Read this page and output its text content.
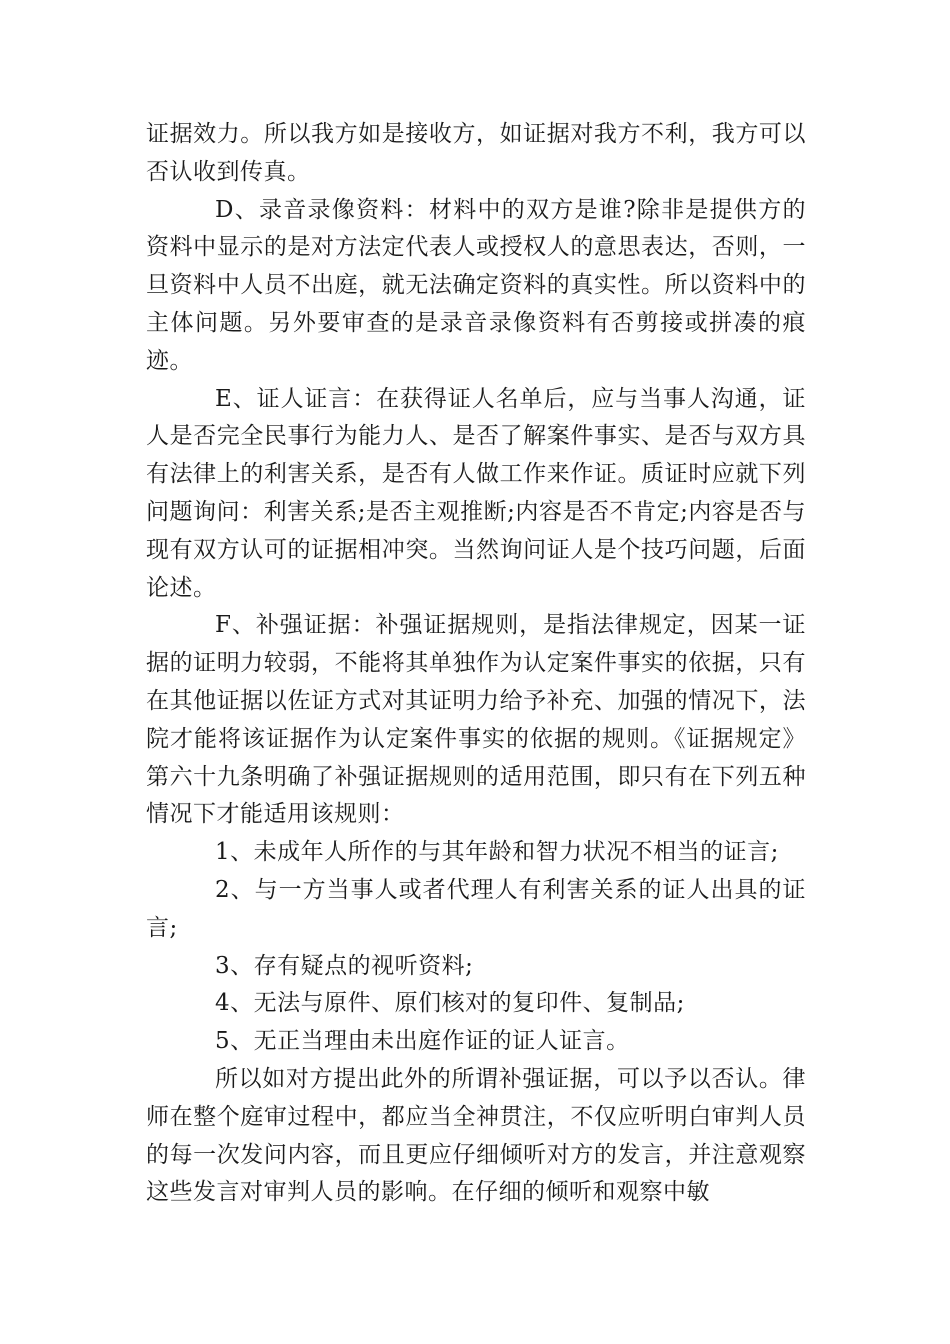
证据效力。所以我方如是接收方，如证据对我方不利，我方可以否认收到传真。

D、录音录像资料：材料中的双方是谁?除非是提供方的资料中显示的是对方法定代表人或授权人的意思表达，否则，一旦资料中人员不出庭，就无法确定资料的真实性。所以资料中的主体问题。另外要审查的是录音录像资料有否剪接或拼凑的痕迹。

E、证人证言：在获得证人名单后，应与当事人沟通，证人是否完全民事行为能力人、是否了解案件事实、是否与双方具有法律上的利害关系，是否有人做工作来作证。质证时应就下列问题询问：利害关系;是否主观推断;内容是否不肯定;内容是否与现有双方认可的证据相冲突。当然询问证人是个技巧问题，后面论述。

F、补强证据：补强证据规则，是指法律规定，因某一证据的证明力较弱，不能将其单独作为认定案件事实的依据，只有在其他证据以佐证方式对其证明力给予补充、加强的情况下，法院才能将该证据作为认定案件事实的依据的规则。《证据规定》第六十九条明确了补强证据规则的适用范围，即只有在下列五种情况下才能适用该规则：

1、未成年人所作的与其年龄和智力状况不相当的证言;

2、与一方当事人或者代理人有利害关系的证人出具的证言;

3、存有疑点的视听资料;

4、无法与原件、原们核对的复印件、复制品;

5、无正当理由未出庭作证的证人证言。

所以如对方提出此外的所谓补强证据，可以予以否认。律师在整个庭审过程中，都应当全神贯注，不仅应听明白审判人员的每一次发问内容，而且更应仔细倾听对方的发言，并注意观察这些发言对审判人员的影响。在仔细的倾听和观察中敏
